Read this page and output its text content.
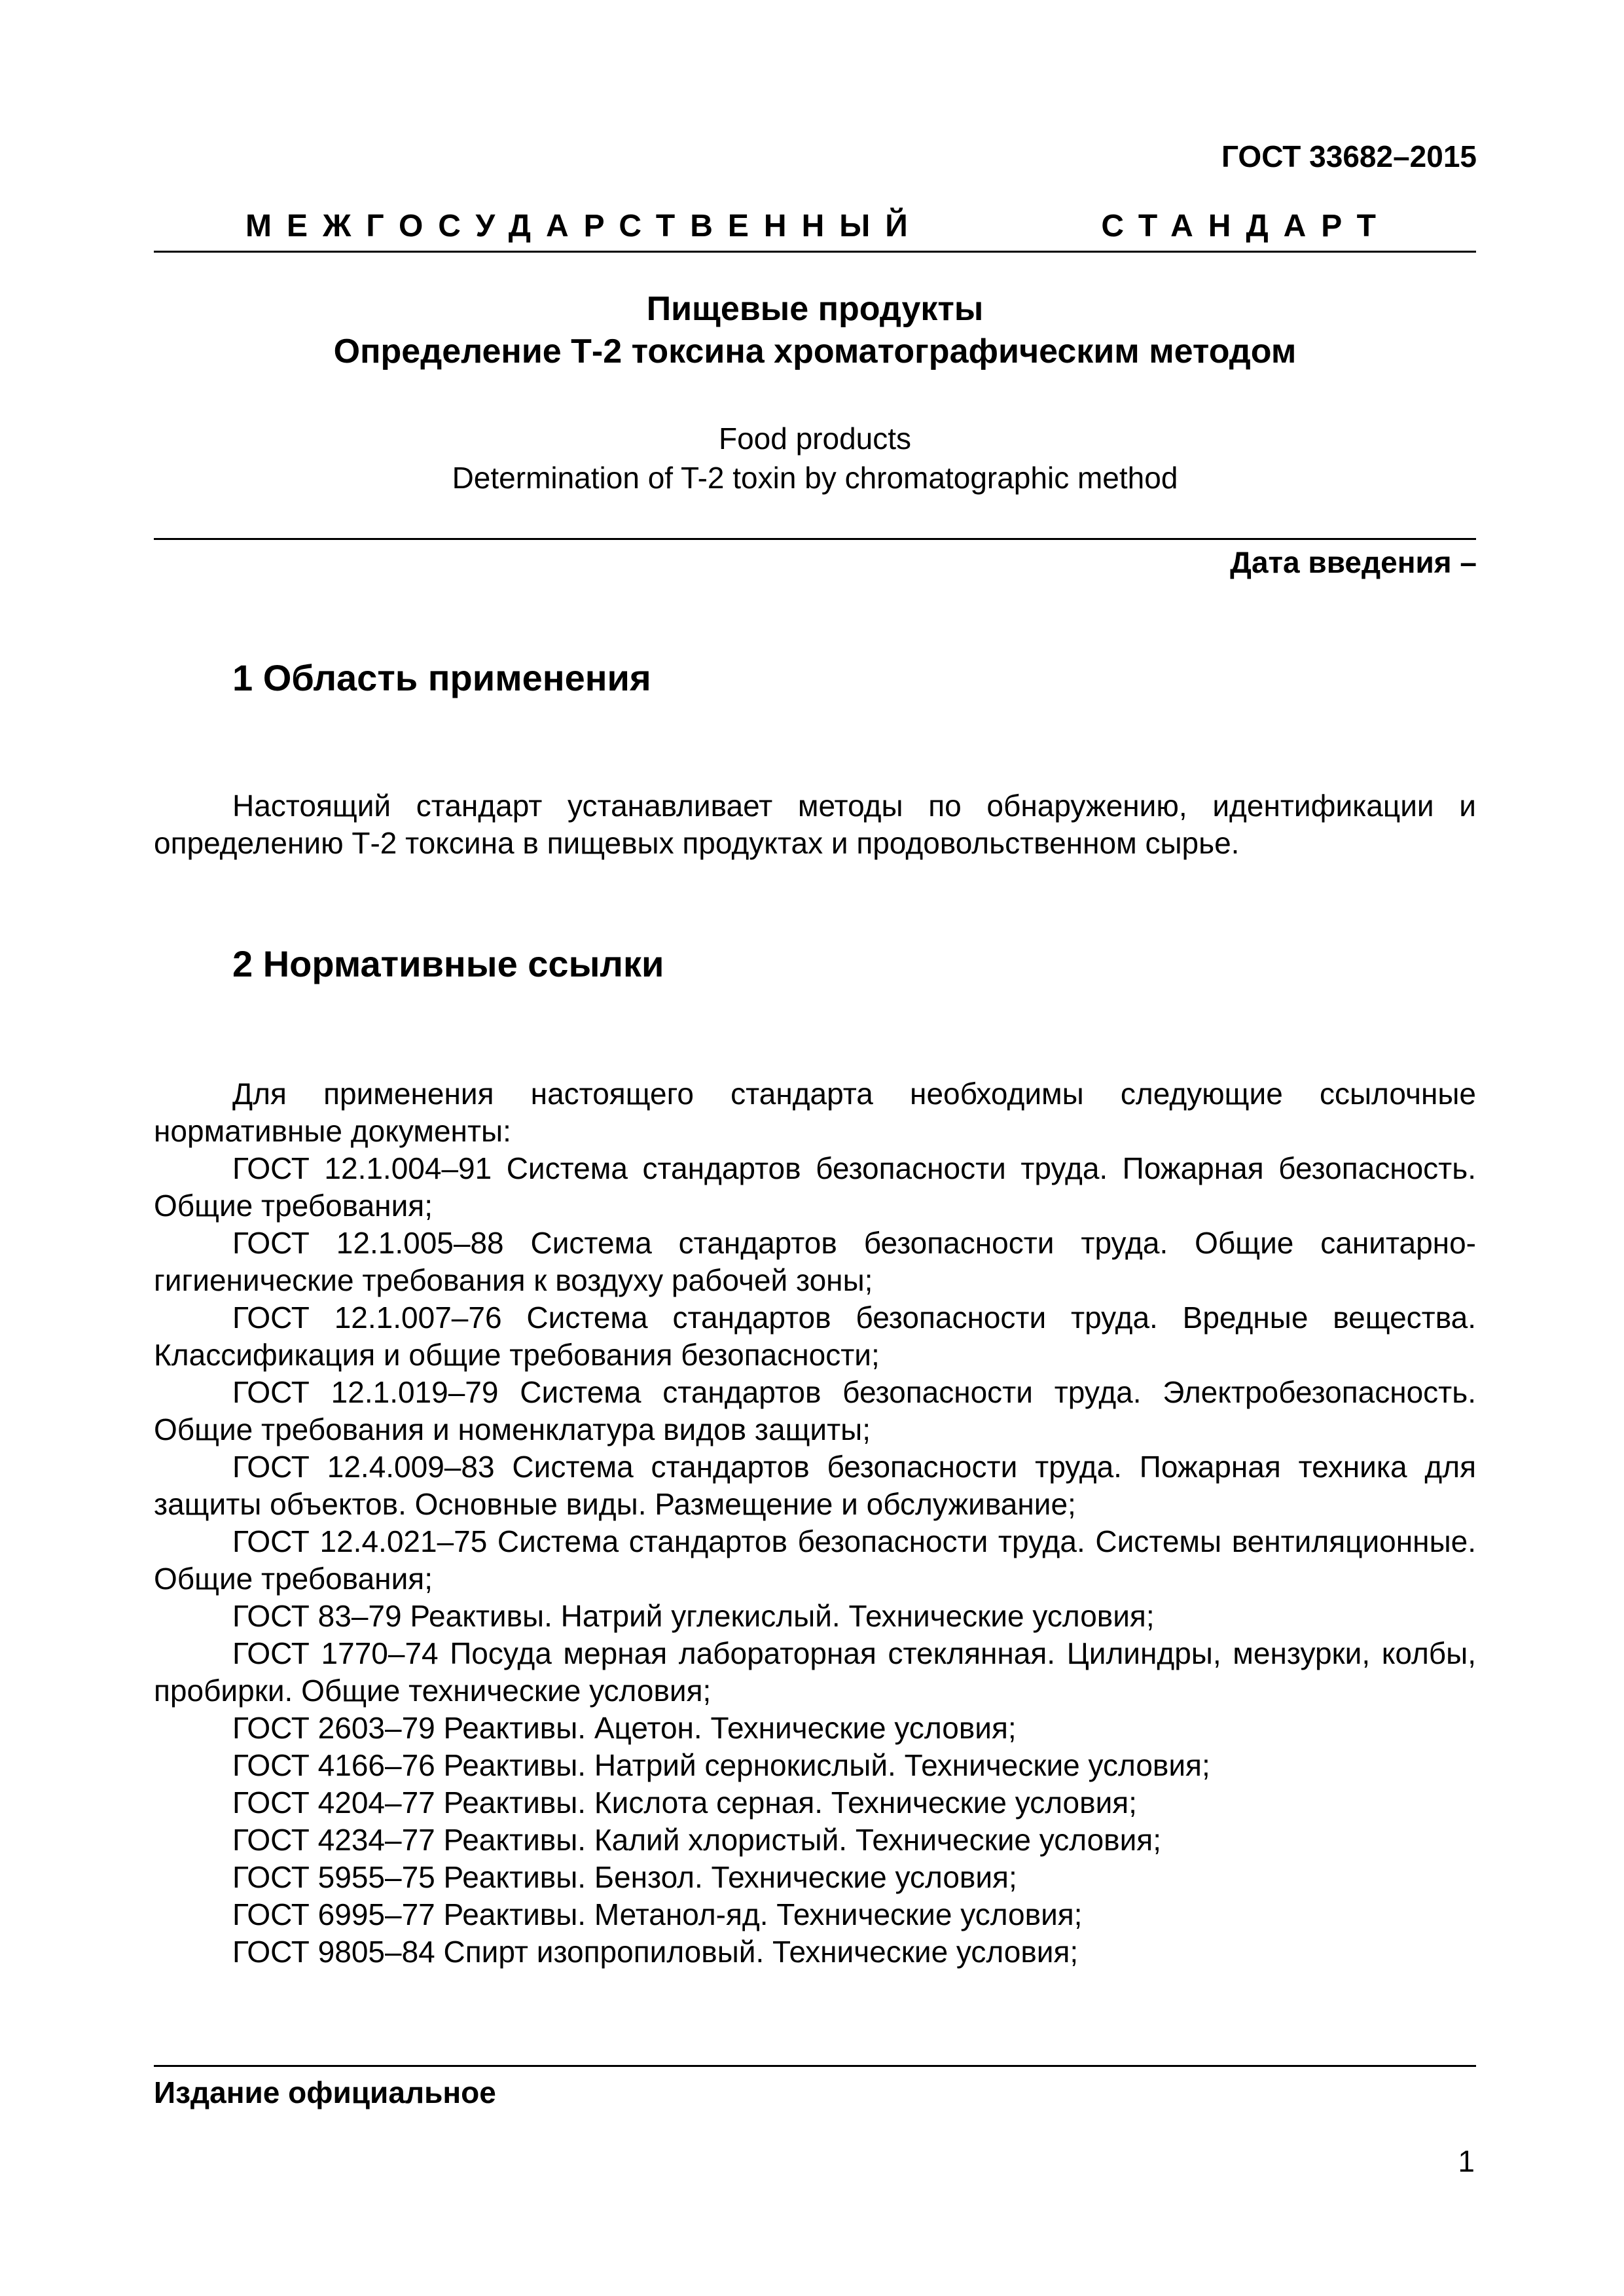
ГОСТ 33682–2015
МЕЖГОСУДАРСТВЕННЫЙ	СТАНДАРТ
Пищевые продукты
Определение Т-2 токсина хроматографическим методом
Food products
Determination of T-2 toxin by chromatographic method
Дата введения –
1 Область применения

Настоящий стандарт устанавливает методы по обнаружению, идентификации и определению Т-2 токсина в пищевых продуктах и продовольственном сырье.

2 Нормативные ссылки

Для применения настоящего стандарта необходимы следующие ссылочные нормативные документы:

ГОСТ 12.1.004–91 Система стандартов безопасности труда. Пожарная безопасность. Общие требования;

ГОСТ 12.1.005–88 Система стандартов безопасности труда. Общие санитарно-гигиенические требования к воздуху рабочей зоны;

ГОСТ 12.1.007–76 Система стандартов безопасности труда. Вредные вещества. Классификация и общие требования безопасности;

ГОСТ 12.1.019–79 Система стандартов безопасности труда. Электробезопасность. Общие требования и номенклатура видов защиты;

ГОСТ 12.4.009–83 Система стандартов безопасности труда. Пожарная техника для защиты объектов. Основные виды. Размещение и обслуживание;

ГОСТ 12.4.021–75 Система стандартов безопасности труда. Системы вентиляционные. Общие требования;

ГОСТ 83–79 Реактивы. Натрий углекислый. Технические условия;

ГОСТ 1770–74 Посуда мерная лабораторная стеклянная. Цилиндры, мензурки, колбы, пробирки. Общие технические условия;

ГОСТ 2603–79 Реактивы. Ацетон. Технические условия;

ГОСТ 4166–76 Реактивы. Натрий сернокислый. Технические условия;

ГОСТ 4204–77 Реактивы. Кислота серная. Технические условия;

ГОСТ 4234–77 Реактивы. Калий хлористый. Технические условия;

ГОСТ 5955–75 Реактивы. Бензол. Технические условия;

ГОСТ 6995–77 Реактивы. Метанол-яд. Технические условия;

ГОСТ 9805–84 Спирт изопропиловый. Технические условия;

Издание официальное
1
